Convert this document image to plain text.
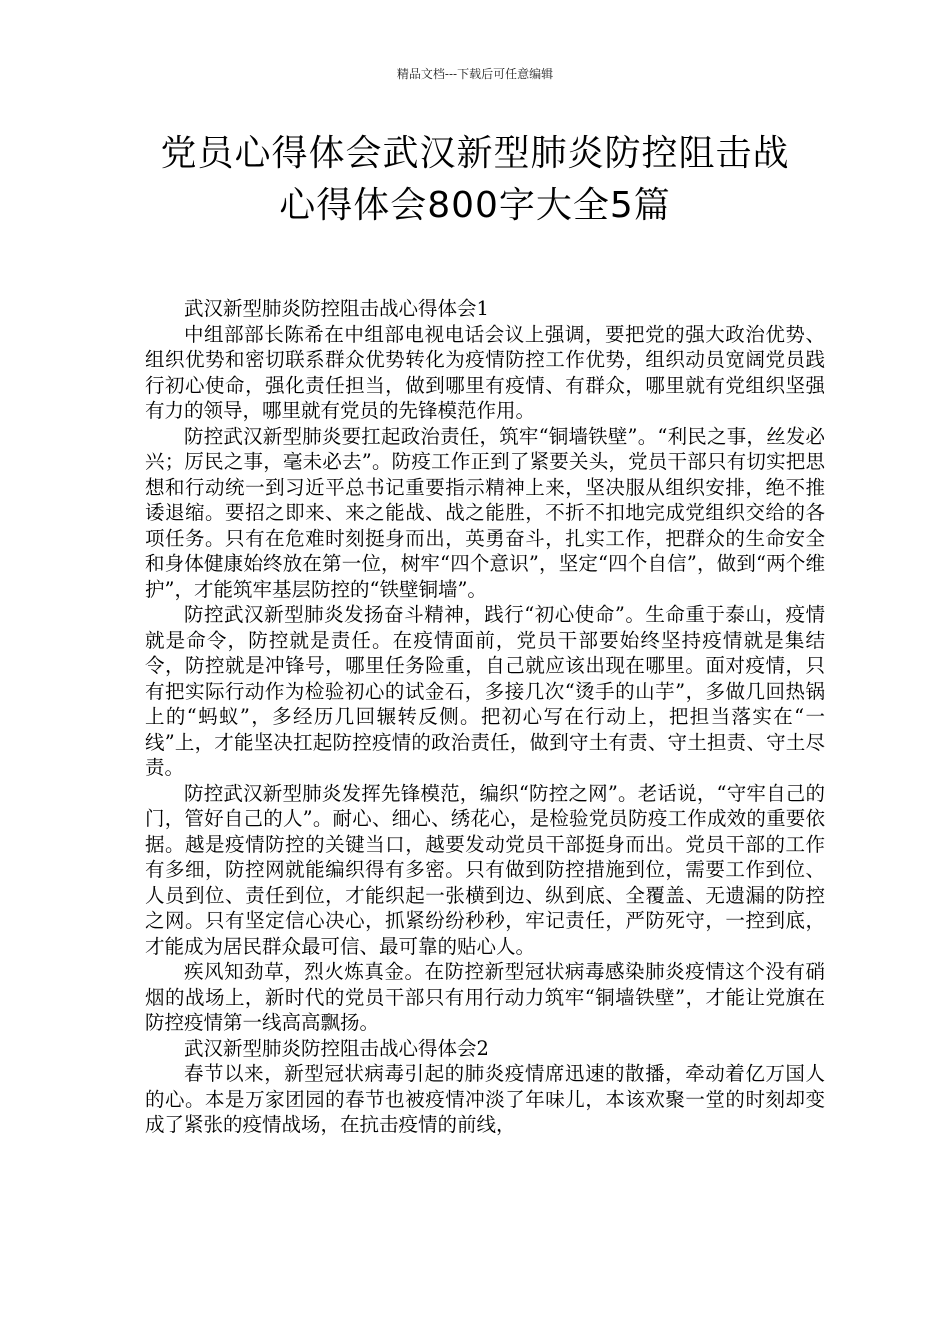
精品文档---下载后可任意编辑
党员心得体会武汉新型肺炎防控阻击战
心得体会800字大全5篇

武汉新型肺炎防控阻击战心得体会1

中组部部长陈希在中组部电视电话会议上强调，要把党的强大政治优势、组织优势和密切联系群众优势转化为疫情防控工作优势，组织动员宽阔党员践行初心使命，强化责任担当，做到哪里有疫情、有群众，哪里就有党组织坚强有力的领导，哪里就有党员的先锋模范作用。

防控武汉新型肺炎要扛起政治责任，筑牢“铜墙铁壁”。“利民之事，丝发必兴；厉民之事，毫未必去”。防疫工作正到了紧要关头，党员干部只有切实把思想和行动统一到习近平总书记重要指示精神上来，坚决服从组织安排，绝不推诿退缩。要招之即来、来之能战、战之能胜，不折不扣地完成党组织交给的各项任务。只有在危难时刻挺身而出，英勇奋斗，扎实工作，把群众的生命安全和身体健康始终放在第一位，树牢“四个意识”，坚定“四个自信”，做到“两个维护”，才能筑牢基层防控的“铁壁铜墙”。

防控武汉新型肺炎发扬奋斗精神，践行“初心使命”。生命重于泰山，疫情就是命令，防控就是责任。在疫情面前，党员干部要始终坚持疫情就是集结令，防控就是冲锋号，哪里任务险重，自己就应该出现在哪里。面对疫情，只有把实际行动作为检验初心的试金石，多接几次“烫手的山芋”，多做几回热锅上的“蚂蚁”，多经历几回辗转反侧。把初心写在行动上，把担当落实在“一线”上，才能坚决扛起防控疫情的政治责任，做到守土有责、守土担责、守土尽责。

防控武汉新型肺炎发挥先锋模范，编织“防控之网”。老话说，“守牢自己的门，管好自己的人”。耐心、细心、绣花心，是检验党员防疫工作成效的重要依据。越是疫情防控的关键当口，越要发动党员干部挺身而出。党员干部的工作有多细，防控网就能编织得有多密。只有做到防控措施到位，需要工作到位、人员到位、责任到位，才能织起一张横到边、纵到底、全覆盖、无遗漏的防控之网。只有坚定信心决心，抓紧纷纷秒秒，牢记责任，严防死守，一控到底，才能成为居民群众最可信、最可靠的贴心人。

疾风知劲草，烈火炼真金。在防控新型冠状病毒感染肺炎疫情这个没有硝烟的战场上，新时代的党员干部只有用行动力筑牢“铜墙铁壁”，才能让党旗在防控疫情第一线高高飘扬。

武汉新型肺炎防控阻击战心得体会2

春节以来，新型冠状病毒引起的肺炎疫情席迅速的散播，牵动着亿万国人的心。本是万家团园的春节也被疫情冲淡了年味儿，本该欢聚一堂的时刻却变成了紧张的疫情战场，在抗击疫情的前线，
